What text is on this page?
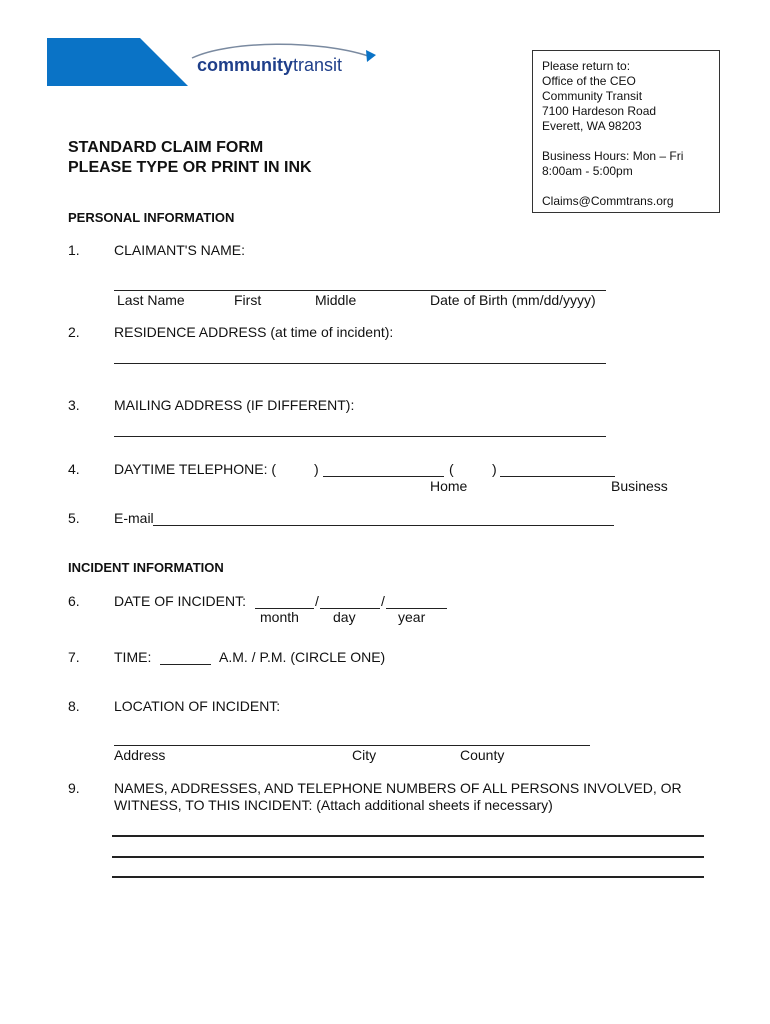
communitytransit	Please return to:
Office of the CEO
Community Transit
7100 Hardeson Road
Everett, WA 98203
Business Hours: Mon – Fri
8:00am - 5:00pm
Claims@Commtrans.org
STANDARD CLAIM FORM
PLEASE TYPE OR PRINT IN INK
PERSONAL INFORMATION
1. CLAIMANT'S NAME:
Last Name	First	Middle	Date of Birth (mm/dd/yyyy)
2. RESIDENCE ADDRESS (at time of incident):
3. MAILING ADDRESS (IF DIFFERENT):
4. DAYTIME TELEPHONE: (	)	(	)
Home	Business
5. E-mail
INCIDENT INFORMATION
6. DATE OF INCIDENT:	/	/
month day	year
7. TIME:	A.M. / P.M. (CIRCLE ONE)
8. LOCATION OF INCIDENT:
Address	City	County
9. NAMES, ADDRESSES, AND TELEPHONE NUMBERS OF ALL PERSONS INVOLVED, OR
WITNESS, TO THIS INCIDENT: (Attach additional sheets if necessary)
